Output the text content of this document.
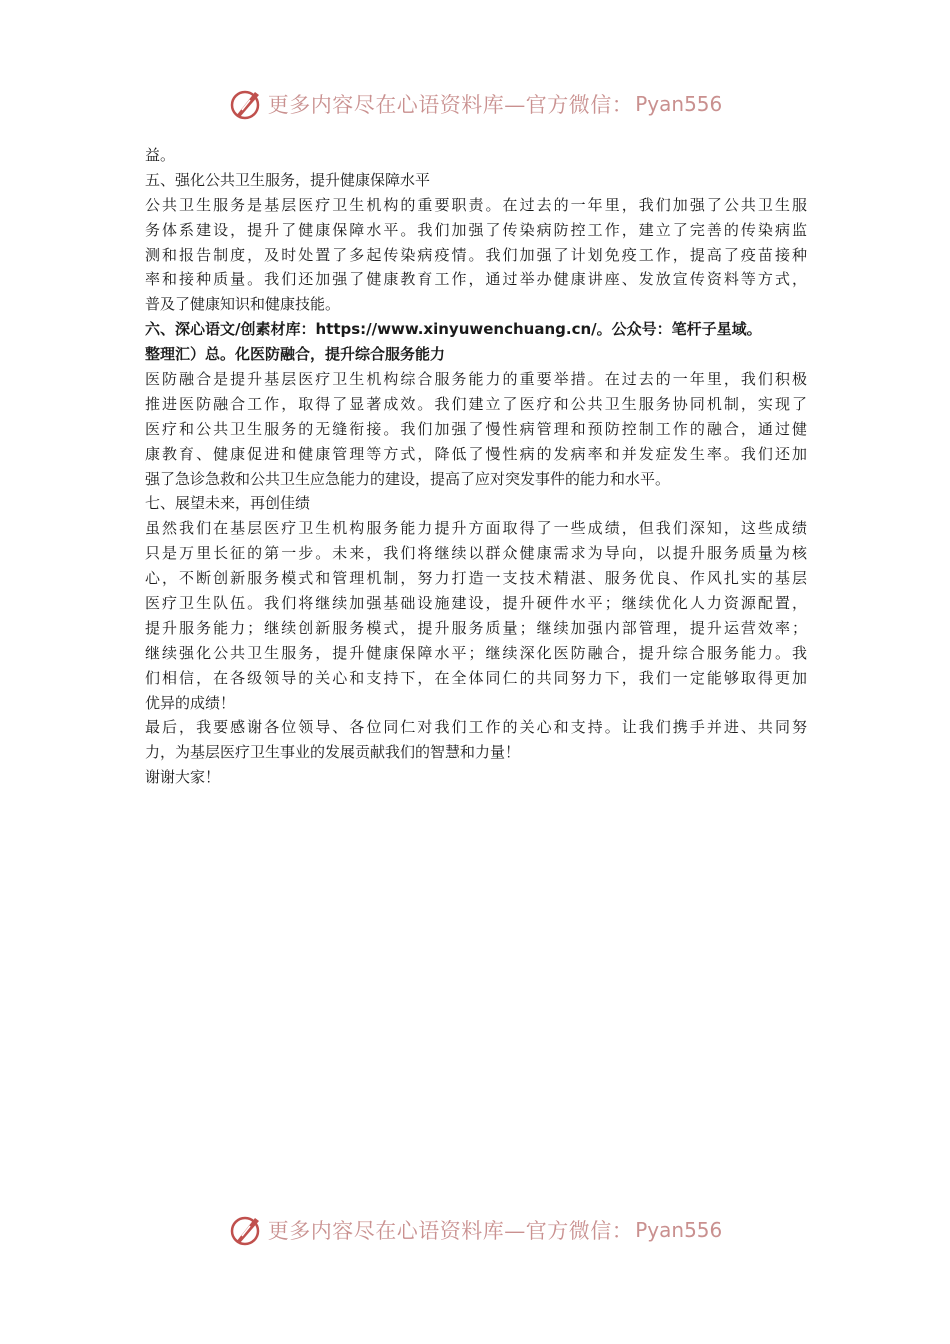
更多内容尽在心语资料库—官方微信： Pyan556
益。
五、强化公共卫生服务，提升健康保障水平
公共卫生服务是基层医疗卫生机构的重要职责。在过去的一年里，我们加强了公共卫生服
务体系建设，提升了健康保障水平。我们加强了传染病防控工作，建立了完善的传染病监
测和报告制度，及时处置了多起传染病疫情。我们加强了计划免疫工作，提高了疫苗接种
率和接种质量。我们还加强了健康教育工作，通过举办健康讲座、发放宣传资料等方式，
普及了健康知识和健康技能。
六、深心语文/创素材库：https://www.xinyuwenchuang.cn/。公众号：笔杆子星域。
整理汇）总。化医防融合，提升综合服务能力
医防融合是提升基层医疗卫生机构综合服务能力的重要举措。在过去的一年里，我们积极
推进医防融合工作，取得了显著成效。我们建立了医疗和公共卫生服务协同机制，实现了
医疗和公共卫生服务的无缝衔接。我们加强了慢性病管理和预防控制工作的融合，通过健
康教育、健康促进和健康管理等方式，降低了慢性病的发病率和并发症发生率。我们还加
强了急诊急救和公共卫生应急能力的建设，提高了应对突发事件的能力和水平。
七、展望未来，再创佳绩
虽然我们在基层医疗卫生机构服务能力提升方面取得了一些成绩，但我们深知，这些成绩
只是万里长征的第一步。未来，我们将继续以群众健康需求为导向，以提升服务质量为核
心，不断创新服务模式和管理机制，努力打造一支技术精湛、服务优良、作风扎实的基层
医疗卫生队伍。我们将继续加强基础设施建设，提升硬件水平；继续优化人力资源配置，
提升服务能力；继续创新服务模式，提升服务质量；继续加强内部管理，提升运营效率；
继续强化公共卫生服务，提升健康保障水平；继续深化医防融合，提升综合服务能力。我
们相信，在各级领导的关心和支持下，在全体同仁的共同努力下，我们一定能够取得更加
优异的成绩！
最后，我要感谢各位领导、各位同仁对我们工作的关心和支持。让我们携手并进、共同努
力，为基层医疗卫生事业的发展贡献我们的智慧和力量！
谢谢大家！
更多内容尽在心语资料库—官方微信： Pyan556
